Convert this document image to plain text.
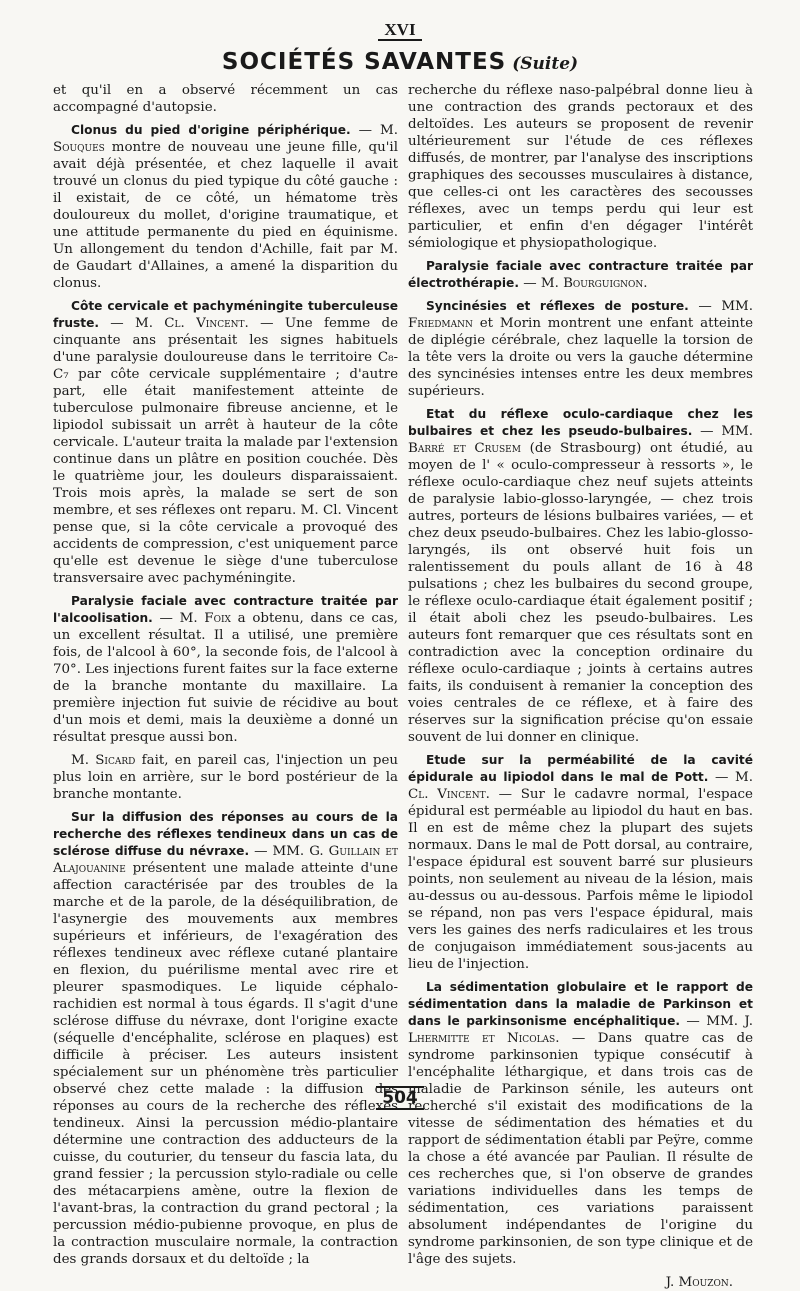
XVI
SOCIÉTÉS SAVANTES (Suite)

et qu'il en a observé récemment un cas accompagné d'autopsie.

Clonus du pied d'origine périphérique. — M. Souques montre de nouveau une jeune fille, qu'il avait déjà présentée, et chez laquelle il avait trouvé un clonus du pied typique du côté gauche : il existait, de ce côté, un hématome très douloureux du mollet, d'origine traumatique, et une attitude permanente du pied en équinisme. Un allongement du tendon d'Achille, fait par M. de Gaudart d'Allaines, a amené la disparition du clonus.

Côte cervicale et pachyméningite tuberculeuse fruste. — M. Cl. Vincent. — Une femme de cinquante ans présentait les signes habituels d'une paralysie douloureuse dans le territoire C₈-C₇ par côte cervicale supplémentaire ; d'autre part, elle était manifestement atteinte de tuberculose pulmonaire fibreuse ancienne, et le lipiodol subissait un arrêt à hauteur de la côte cervicale. L'auteur traita la malade par l'extension continue dans un plâtre en position couchée. Dès le quatrième jour, les douleurs disparaissaient. Trois mois après, la malade se sert de son membre, et ses réflexes ont reparu. M. Cl. Vincent pense que, si la côte cervicale a provoqué des accidents de compression, c'est uniquement parce qu'elle est devenue le siège d'une tuberculose transversaire avec pachyméningite.

Paralysie faciale avec contracture traitée par l'alcoolisation. — M. Foix a obtenu, dans ce cas, un excellent résultat. Il a utilisé, une première fois, de l'alcool à 60°, la seconde fois, de l'alcool à 70°. Les injections furent faites sur la face externe de la branche montante du maxillaire. La première injection fut suivie de récidive au bout d'un mois et demi, mais la deuxième a donné un résultat presque aussi bon.

M. Sicard fait, en pareil cas, l'injection un peu plus loin en arrière, sur le bord postérieur de la branche montante.

Sur la diffusion des réponses au cours de la recherche des réflexes tendineux dans un cas de sclérose diffuse du névraxe. — MM. G. Guillain et Alajouanine présentent une malade atteinte d'une affection caractérisée par des troubles de la marche et de la parole, de la déséquilibration, de l'asynergie des mouvements aux membres supérieurs et inférieurs, de l'exagération des réflexes tendineux avec réflexe cutané plantaire en flexion, du puérilisme mental avec rire et pleurer spasmodiques. Le liquide céphalo-rachidien est normal à tous égards. Il s'agit d'une sclérose diffuse du névraxe, dont l'origine exacte (séquelle d'encéphalite, sclérose en plaques) est difficile à préciser. Les auteurs insistent spécialement sur un phénomène très particulier observé chez cette malade : la diffusion des réponses au cours de la recherche des réflexes tendineux. Ainsi la percussion médio-plantaire détermine une contraction des adducteurs de la cuisse, du couturier, du tenseur du fascia lata, du grand fessier ; la percussion stylo-radiale ou celle des métacarpiens amène, outre la flexion de l'avant-bras, la contraction du grand pectoral ; la percussion médio-pubienne provoque, en plus de la contraction musculaire normale, la contraction des grands dorsaux et du deltoïde ; la

recherche du réflexe naso-palpébral donne lieu à une contraction des grands pectoraux et des deltoïdes. Les auteurs se proposent de revenir ultérieurement sur l'étude de ces réflexes diffusés, de montrer, par l'analyse des inscriptions graphiques des secousses musculaires à distance, que celles-ci ont les caractères des secousses réflexes, avec un temps perdu qui leur est particulier, et enfin d'en dégager l'intérêt sémiologique et physiopathologique.

Paralysie faciale avec contracture traitée par électrothérapie. — M. Bourguignon.

Syncinésies et réflexes de posture. — MM. Friedmann et Morin montrent une enfant atteinte de diplégie cérébrale, chez laquelle la torsion de la tête vers la droite ou vers la gauche détermine des syncinésies intenses entre les deux membres supérieurs.

Etat du réflexe oculo-cardiaque chez les bulbaires et chez les pseudo-bulbaires. — MM. Barré et Crusem (de Strasbourg) ont étudié, au moyen de l' « oculo-compresseur à ressorts », le réflexe oculo-cardiaque chez neuf sujets atteints de paralysie labio-glosso-laryngée, — chez trois autres, porteurs de lésions bulbaires variées, — et chez deux pseudo-bulbaires. Chez les labio-glosso-laryngés, ils ont observé huit fois un ralentissement du pouls allant de 16 à 48 pulsations ; chez les bulbaires du second groupe, le réflexe oculo-cardiaque était également positif ; il était aboli chez les pseudo-bulbaires. Les auteurs font remarquer que ces résultats sont en contradiction avec la conception ordinaire du réflexe oculo-cardiaque ; joints à certains autres faits, ils conduisent à remanier la conception des voies centrales de ce réflexe, et à faire des réserves sur la signification précise qu'on essaie souvent de lui donner en clinique.

Etude sur la perméabilité de la cavité épidurale au lipiodol dans le mal de Pott. — M. Cl. Vincent. — Sur le cadavre normal, l'espace épidural est perméable au lipiodol du haut en bas. Il en est de même chez la plupart des sujets normaux. Dans le mal de Pott dorsal, au contraire, l'espace épidural est souvent barré sur plusieurs points, non seulement au niveau de la lésion, mais au-dessus ou au-dessous. Parfois même le lipiodol se répand, non pas vers l'espace épidural, mais vers les gaines des nerfs radiculaires et les trous de conjugaison immédiatement sous-jacents au lieu de l'injection.

La sédimentation globulaire et le rapport de sédimentation dans la maladie de Parkinson et dans le parkinsonisme encéphalitique. — MM. J. Lhermitte et Nicolas. — Dans quatre cas de syndrome parkinsonien typique consécutif à l'encéphalite léthargique, et dans trois cas de maladie de Parkinson sénile, les auteurs ont recherché s'il existait des modifications de la vitesse de sédimentation des hématies et du rapport de sédimentation établi par Peÿre, comme la chose a été avancée par Paulian. Il résulte de ces recherches que, si l'on observe de grandes variations individuelles dans les temps de sédimentation, ces variations paraissent absolument indépendantes de l'origine du syndrome parkinsonien, de son type clinique et de l'âge des sujets.

J. Mouzon.

504
